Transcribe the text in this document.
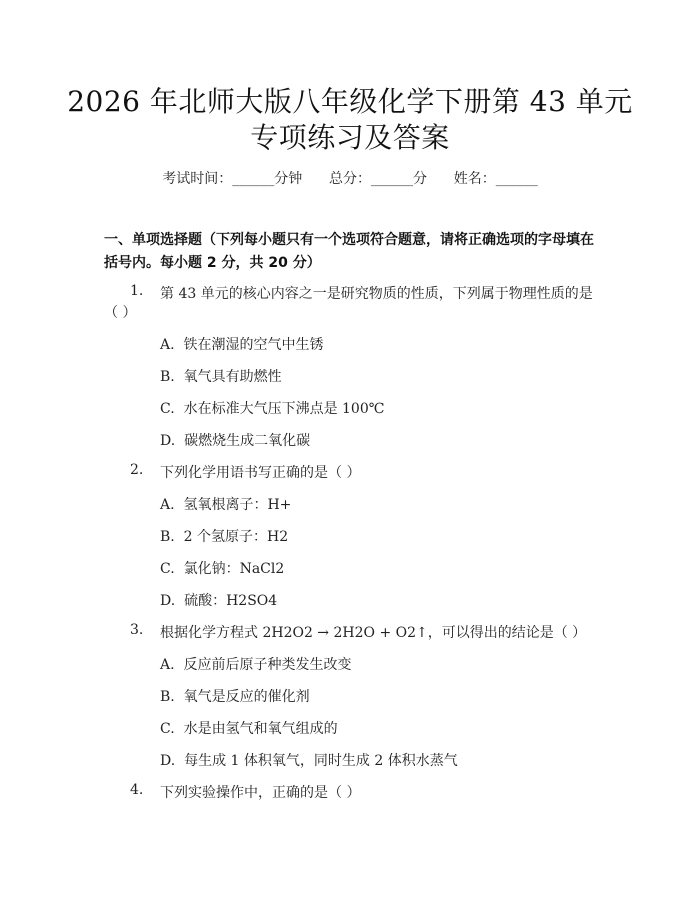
2026 年北师大版八年级化学下册第 43 单元
专项练习及答案
考试时间：______分钟      总分：______分      姓名：______
一、单项选择题（下列每小题只有一个选项符合题意，请将正确选项的字母填在括号内。每小题 2 分，共 20 分）
1. 第 43 单元的核心内容之一是研究物质的性质，下列属于物理性质的是
（ ）
A.  铁在潮湿的空气中生锈
B.  氧气具有助燃性
C.  水在标准大气压下沸点是 100℃
D.  碳燃烧生成二氧化碳
2. 下列化学用语书写正确的是（ ）
A.  氢氧根离子：H+
B.  2 个氢原子：H2
C.  氯化钠：NaCl2
D.  硫酸：H2SO4
3. 根据化学方程式 2H2O2 → 2H2O + O2↑，可以得出的结论是（ ）
A.  反应前后原子种类发生改变
B.  氧气是反应的催化剂
C.  水是由氢气和氧气组成的
D.  每生成 1 体积氧气，同时生成 2 体积水蒸气
4. 下列实验操作中，正确的是（ ）
